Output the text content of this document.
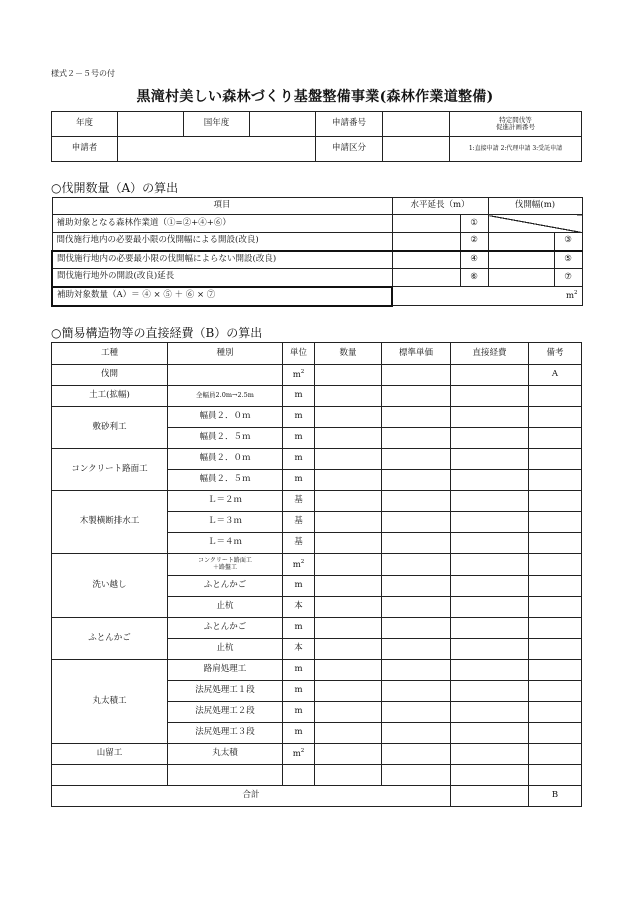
様式２－５号の付
黒滝村美しい森林づくり基盤整備事業(森林作業道整備)
年度		国年度		申請番号		特定間伐等
促進計画番号

申請者				申請区分		1:直接申請 2:代理申請 3:受託申請
○伐開数量（A）の算出
項目	水平延長（m）		伐開幅(m)	
補助対象となる森林作業道（①=②+④+⑥）		①		
間伐施行地内の必要最小限の伐開幅による開設(改良)		②		③
間伐施行地内の必要最小限の伐開幅によらない開設(改良)		④		⑤
間伐施行地外の開設(改良)延長		⑥		⑦
補助対象数量（A）＝ ④ × ⑤ ＋ ⑥ × ⑦	$m^2$
○簡易構造物等の直接経費（B）の算出
工種	種別	単位	数量	標準単価	直接経費	備考
伐開		$m^2$				A
土工(拡幅)	全幅員2.0m→2.5m	m				
敷砂利工	幅員２．０ｍ	m				
	幅員２．５ｍ	m				
コンクリート路面工	幅員２．０ｍ	m				
	幅員２．５ｍ	m				
木製横断排水工	Ｌ＝２ｍ	基				
	Ｌ＝３ｍ	基				
	Ｌ＝４ｍ	基				
洗い越し	コンクリート路面工
＋路盤工	$m^2$				
	ふとんかご	m				
	止杭	本				
ふとんかご	ふとんかご	m				
	止杭	本				
丸太積工	路肩処理工	m				
	法尻処理工１段	m				
	法尻処理工２段	m				
	法尻処理工３段	m				
山留工	丸太積	$m^2$				

合計						B
